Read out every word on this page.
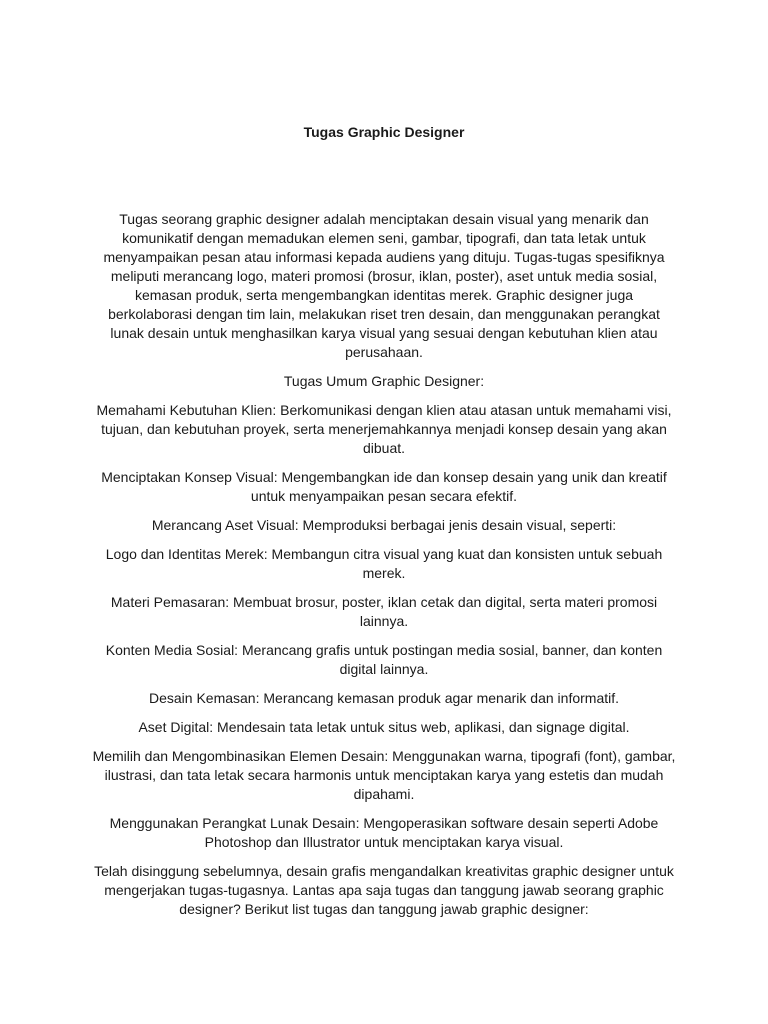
Tugas Graphic Designer

Tugas seorang graphic designer adalah menciptakan desain visual yang menarik dan komunikatif dengan memadukan elemen seni, gambar, tipografi, dan tata letak untuk menyampaikan pesan atau informasi kepada audiens yang dituju. Tugas-tugas spesifiknya meliputi merancang logo, materi promosi (brosur, iklan, poster), aset untuk media sosial, kemasan produk, serta mengembangkan identitas merek. Graphic designer juga berkolaborasi dengan tim lain, melakukan riset tren desain, dan menggunakan perangkat lunak desain untuk menghasilkan karya visual yang sesuai dengan kebutuhan klien atau perusahaan.

Tugas Umum Graphic Designer:

Memahami Kebutuhan Klien: Berkomunikasi dengan klien atau atasan untuk memahami visi, tujuan, dan kebutuhan proyek, serta menerjemahkannya menjadi konsep desain yang akan dibuat.

Menciptakan Konsep Visual: Mengembangkan ide dan konsep desain yang unik dan kreatif untuk menyampaikan pesan secara efektif.

Merancang Aset Visual: Memproduksi berbagai jenis desain visual, seperti:

Logo dan Identitas Merek: Membangun citra visual yang kuat dan konsisten untuk sebuah merek.

Materi Pemasaran: Membuat brosur, poster, iklan cetak dan digital, serta materi promosi lainnya.

Konten Media Sosial: Merancang grafis untuk postingan media sosial, banner, dan konten digital lainnya.

Desain Kemasan: Merancang kemasan produk agar menarik dan informatif.

Aset Digital: Mendesain tata letak untuk situs web, aplikasi, dan signage digital.

Memilih dan Mengombinasikan Elemen Desain: Menggunakan warna, tipografi (font), gambar, ilustrasi, dan tata letak secara harmonis untuk menciptakan karya yang estetis dan mudah dipahami.

Menggunakan Perangkat Lunak Desain: Mengoperasikan software desain seperti Adobe Photoshop dan Illustrator untuk menciptakan karya visual.

Telah disinggung sebelumnya, desain grafis mengandalkan kreativitas graphic designer untuk mengerjakan tugas-tugasnya. Lantas apa saja tugas dan tanggung jawab seorang graphic designer? Berikut list tugas dan tanggung jawab graphic designer:
